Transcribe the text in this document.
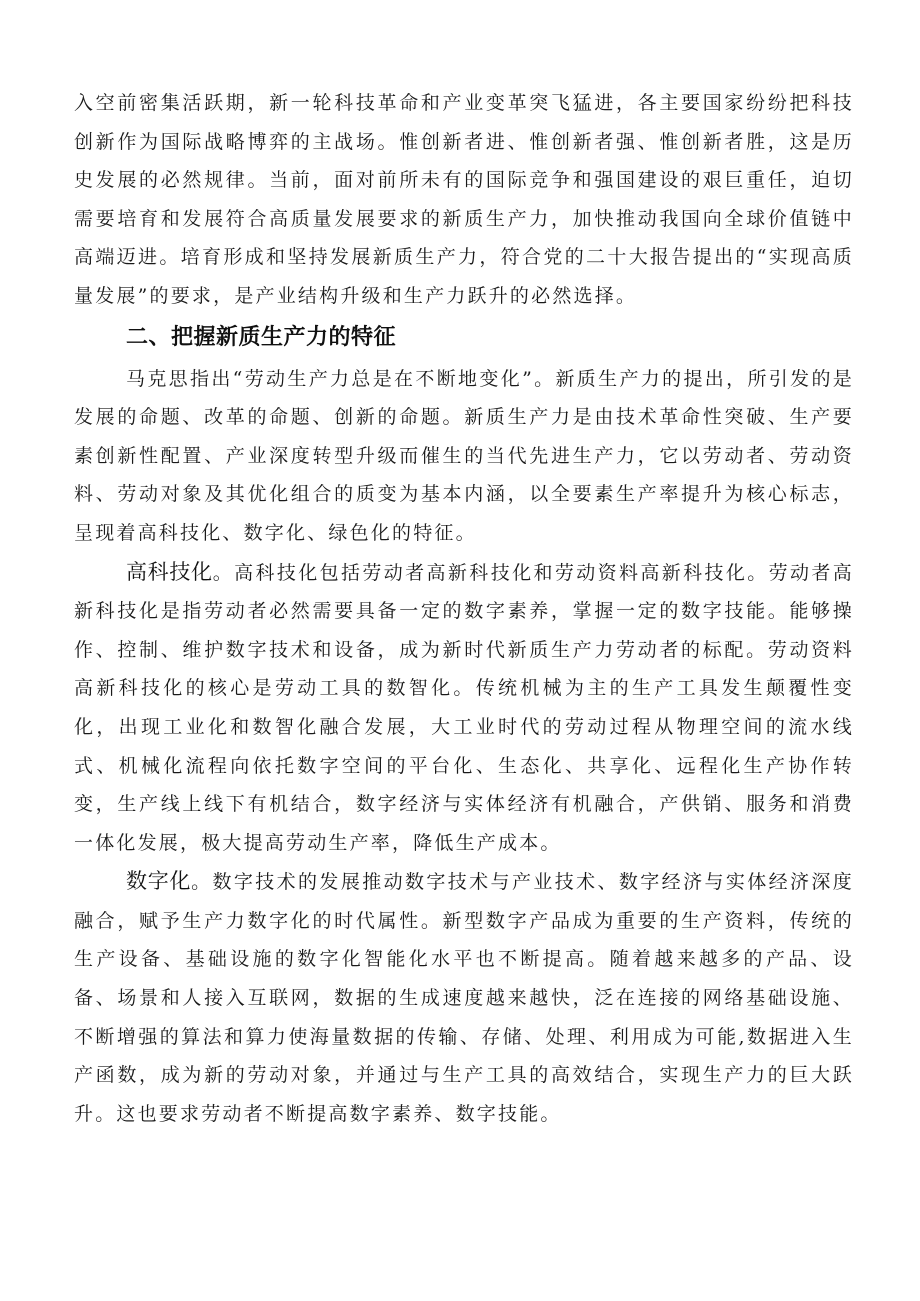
入空前密集活跃期，新一轮科技革命和产业变革突飞猛进，各主要国家纷纷把科技创新作为国际战略博弈的主战场。惟创新者进、惟创新者强、惟创新者胜，这是历史发展的必然规律。当前，面对前所未有的国际竞争和强国建设的艰巨重任，迫切需要培育和发展符合高质量发展要求的新质生产力，加快推动我国向全球价值链中高端迈进。培育形成和坚持发展新质生产力，符合党的二十大报告提出的“实现高质量发展”的要求，是产业结构升级和生产力跃升的必然选择。

二、把握新质生产力的特征

马克思指出“劳动生产力总是在不断地变化”。新质生产力的提出，所引发的是发展的命题、改革的命题、创新的命题。新质生产力是由技术革命性突破、生产要素创新性配置、产业深度转型升级而催生的当代先进生产力，它以劳动者、劳动资料、劳动对象及其优化组合的质变为基本内涵，以全要素生产率提升为核心标志，呈现着高科技化、数字化、绿色化的特征。

高科技化。高科技化包括劳动者高新科技化和劳动资料高新科技化。劳动者高新科技化是指劳动者必然需要具备一定的数字素养，掌握一定的数字技能。能够操作、控制、维护数字技术和设备，成为新时代新质生产力劳动者的标配。劳动资料高新科技化的核心是劳动工具的数智化。传统机械为主的生产工具发生颠覆性变化，出现工业化和数智化融合发展，大工业时代的劳动过程从物理空间的流水线式、机械化流程向依托数字空间的平台化、生态化、共享化、远程化生产协作转变，生产线上线下有机结合，数字经济与实体经济有机融合，产供销、服务和消费一体化发展，极大提高劳动生产率，降低生产成本。

数字化。数字技术的发展推动数字技术与产业技术、数字经济与实体经济深度融合，赋予生产力数字化的时代属性。新型数字产品成为重要的生产资料，传统的生产设备、基础设施的数字化智能化水平也不断提高。随着越来越多的产品、设备、场景和人接入互联网，数据的生成速度越来越快，泛在连接的网络基础设施、不断增强的算法和算力使海量数据的传输、存储、处理、利用成为可能,数据进入生产函数，成为新的劳动对象，并通过与生产工具的高效结合，实现生产力的巨大跃升。这也要求劳动者不断提高数字素养、数字技能。
